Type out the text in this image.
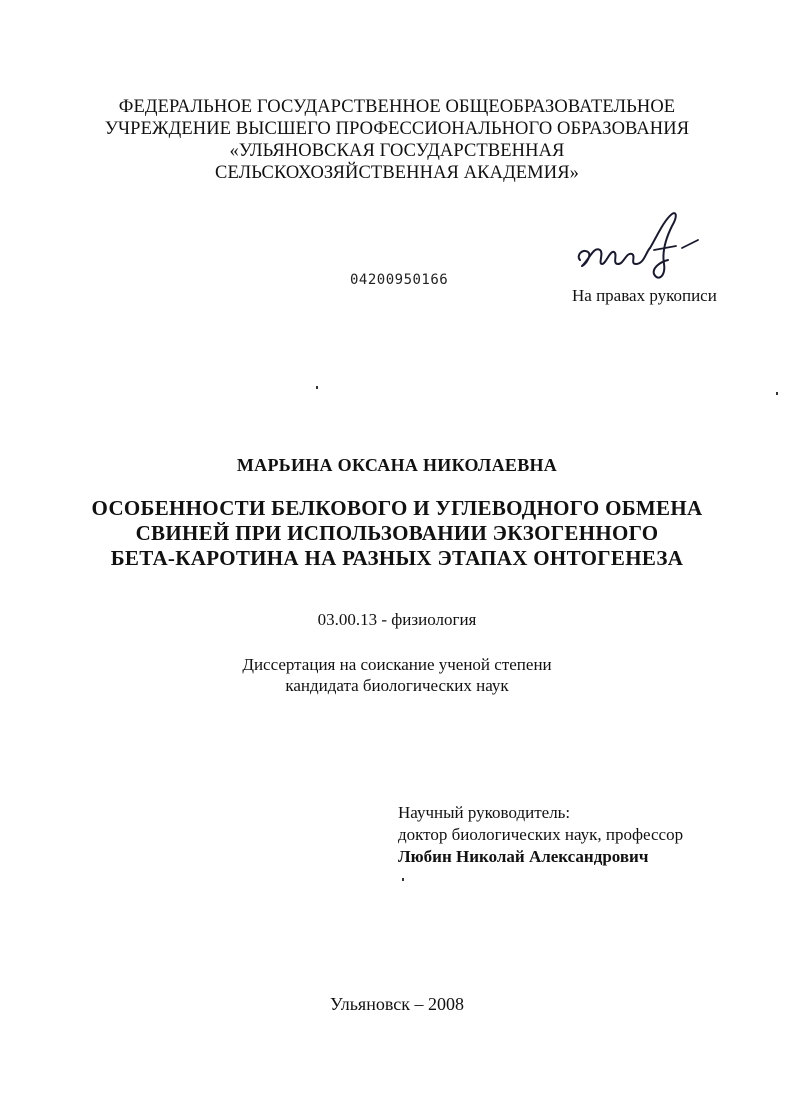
ФЕДЕРАЛЬНОЕ ГОСУДАРСТВЕННОЕ ОБЩЕОБРАЗОВАТЕЛЬНОЕ
УЧРЕЖДЕНИЕ ВЫСШЕГО ПРОФЕССИОНАЛЬНОГО ОБРАЗОВАНИЯ
«УЛЬЯНОВСКАЯ ГОСУДАРСТВЕННАЯ
СЕЛЬСКОХОЗЯЙСТВЕННАЯ АКАДЕМИЯ»
04200950166
На правах рукописи
МАРЬИНА ОКСАНА НИКОЛАЕВНА
ОСОБЕННОСТИ БЕЛКОВОГО И УГЛЕВОДНОГО ОБМЕНА
СВИНЕЙ ПРИ ИСПОЛЬЗОВАНИИ ЭКЗОГЕННОГО
БЕТА-КАРОТИНА НА РАЗНЫХ ЭТАПАХ ОНТОГЕНЕЗА
03.00.13 - физиология
Диссертация на соискание ученой степени
кандидата биологических наук
Научный руководитель:
доктор биологических наук, профессор
Любин Николай Александрович
Ульяновск – 2008
